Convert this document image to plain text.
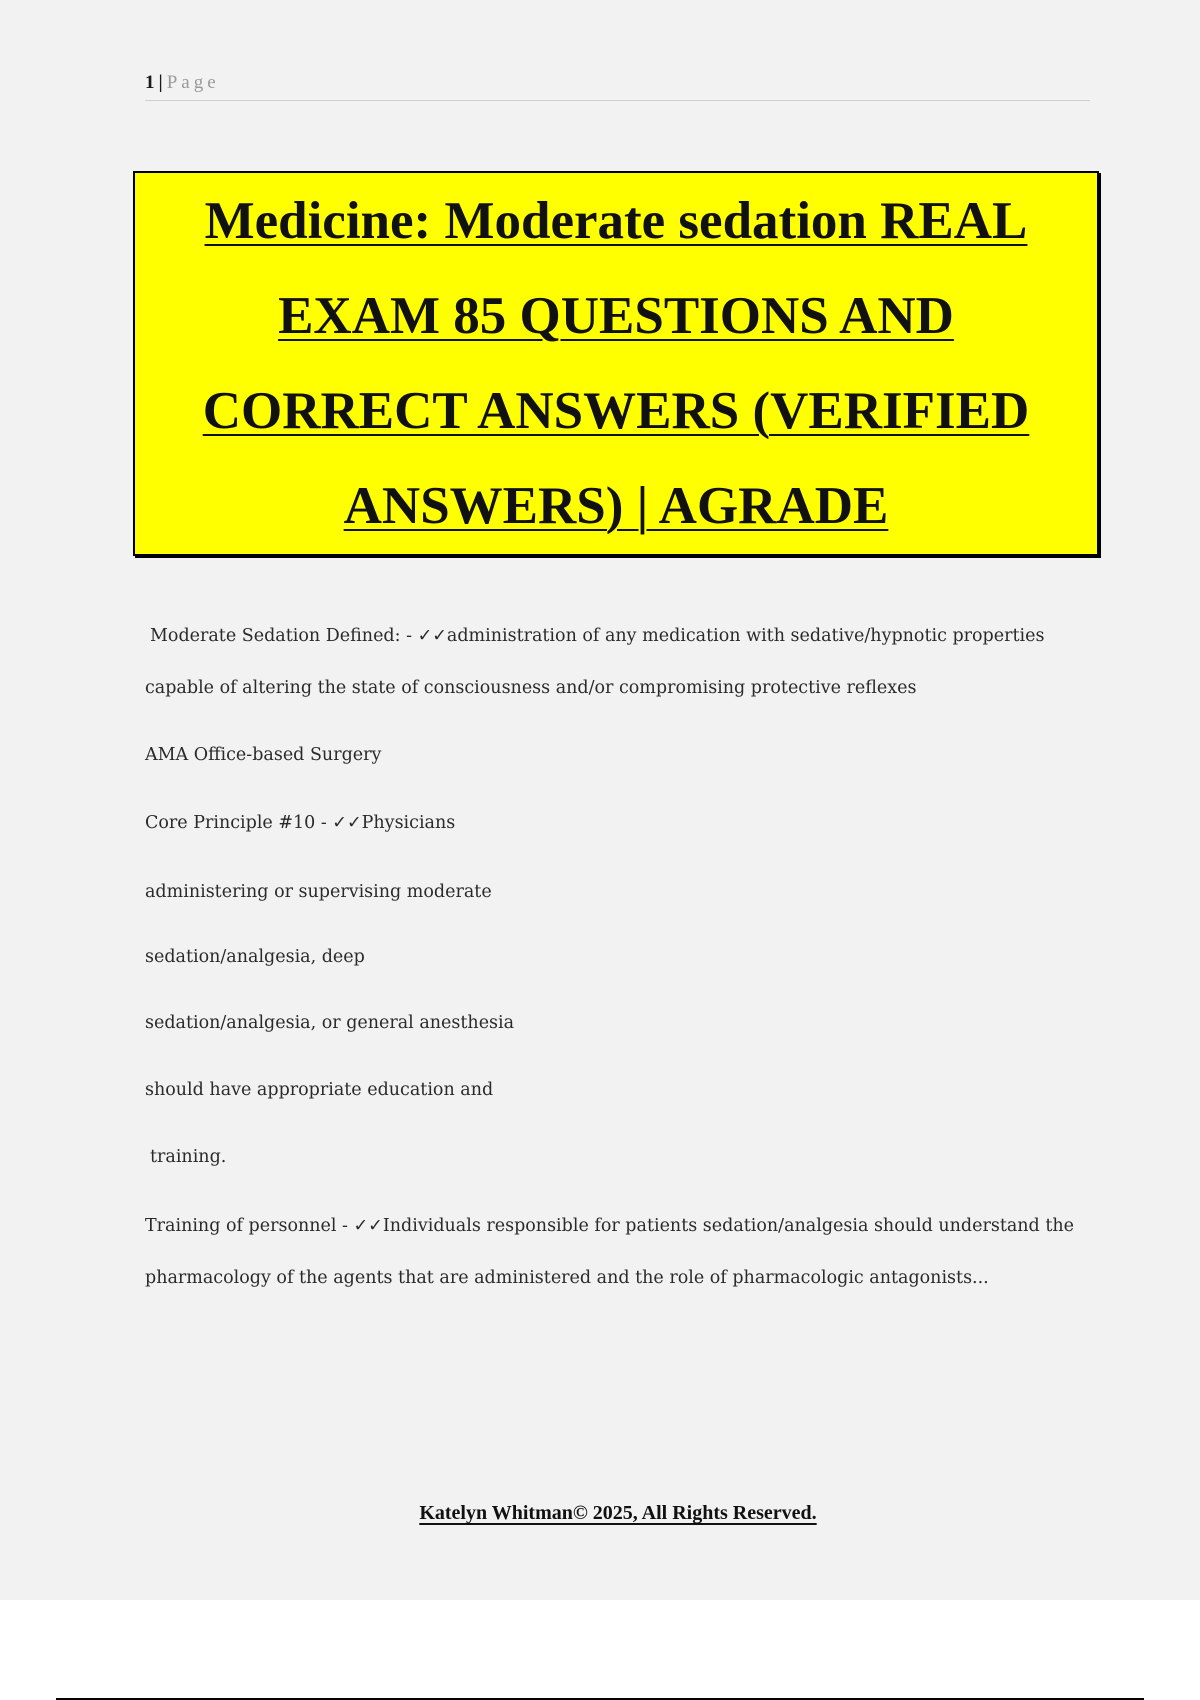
1 | Page
Medicine: Moderate sedation REAL
EXAM 85 QUESTIONS AND
CORRECT ANSWERS (VERIFIED
ANSWERS) | AGRADE
Moderate Sedation Defined: - ✓✓administration of any medication with sedative/hypnotic properties
capable of altering the state of consciousness and/or compromising protective reflexes
AMA Office-based Surgery
Core Principle #10 - ✓✓Physicians
administering or supervising moderate
sedation/analgesia, deep
sedation/analgesia, or general anesthesia
should have appropriate education and
training.
Training of personnel - ✓✓Individuals responsible for patients sedation/analgesia should understand the
pharmacology of the agents that are administered and the role of pharmacologic antagonists...
Katelyn Whitman© 2025, All Rights Reserved.
